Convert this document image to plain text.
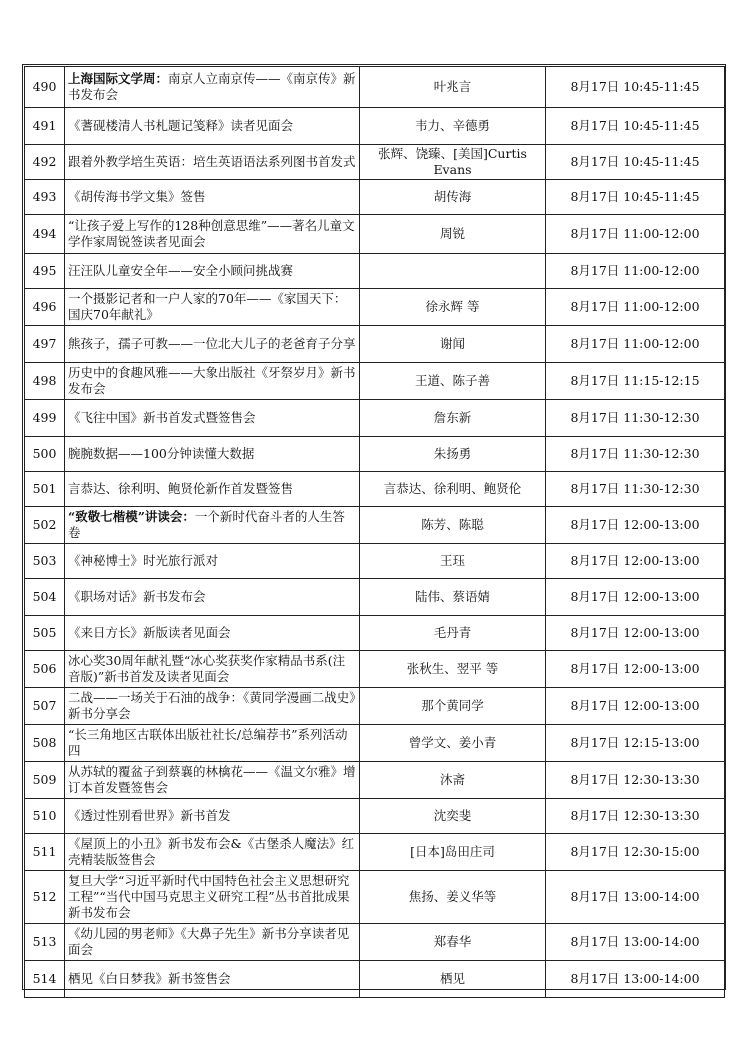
490	上海国际文学周：南京人立南京传——《南京传》新书发布会	叶兆言	8月17日 10:45-11:45
491	《蓍砚楼清人书札题记笺释》读者见面会	韦力、辛德勇	8月17日 10:45-11:45
492	跟着外教学培生英语：培生英语语法系列图书首发式	张辉、饶臻、[美国]Curtis Evans	8月17日 10:45-11:45
493	《胡传海书学文集》签售	胡传海	8月17日 10:45-11:45
494	“让孩子爱上写作的128种创意思维”——著名儿童文学作家周锐签读者见面会	周锐	8月17日 11:00-12:00
495	汪汪队儿童安全年——安全小顾问挑战赛		8月17日 11:00-12:00
496	一个摄影记者和一户人家的70年——《家国天下：国庆70年献礼》	徐永辉 等	8月17日 11:00-12:00
497	熊孩子，孺子可教——一位北大儿子的老爸育子分享	谢闻	8月17日 11:00-12:00
498	历史中的食趣风雅——大象出版社《牙祭岁月》新书发布会	王道、陈子善	8月17日 11:15-12:15
499	《飞往中国》新书首发式暨签售会	詹东新	8月17日 11:30-12:30
500	腕腕数据——100分钟读懂大数据	朱扬勇	8月17日 11:30-12:30
501	言恭达、徐利明、鲍贤伦新作首发暨签售	言恭达、徐利明、鲍贤伦	8月17日 11:30-12:30
502	“致敬七楷模”讲读会：一个新时代奋斗者的人生答卷	陈芳、陈聪	8月17日 12:00-13:00
503	《神秘博士》时光旅行派对	王珏	8月17日 12:00-13:00
504	《职场对话》新书发布会	陆伟、蔡语婧	8月17日 12:00-13:00
505	《来日方长》新版读者见面会	毛丹青	8月17日 12:00-13:00
506	冰心奖30周年献礼暨“冰心奖获奖作家精品书系(注音版)”新书首发及读者见面会	张秋生、翌平 等	8月17日 12:00-13:00
507	二战——一场关于石油的战争：《黄同学漫画二战史》新书分享会	那个黄同学	8月17日 12:00-13:00
508	“长三角地区古联体出版社社长/总编荐书”系列活动四	曾学文、姜小青	8月17日 12:15-13:00
509	从苏轼的覆盆子到蔡襄的林檎花——《温文尔雅》增订本首发暨签售会	沐斋	8月17日 12:30-13:30
510	《透过性别看世界》新书首发	沈奕斐	8月17日 12:30-13:30
511	《屋顶上的小丑》新书发布会&《古堡杀人魔法》红壳精装版签售会	[日本]岛田庄司	8月17日 12:30-15:00
512	复旦大学“习近平新时代中国特色社会主义思想研究工程”“当代中国马克思主义研究工程”丛书首批成果新书发布会	焦扬、姜义华等	8月17日 13:00-14:00
513	《幼儿园的男老师》《大鼻子先生》新书分享读者见面会	郑春华	8月17日 13:00-14:00
514	栖见《白日梦我》新书签售会	栖见	8月17日 13:00-14:00
